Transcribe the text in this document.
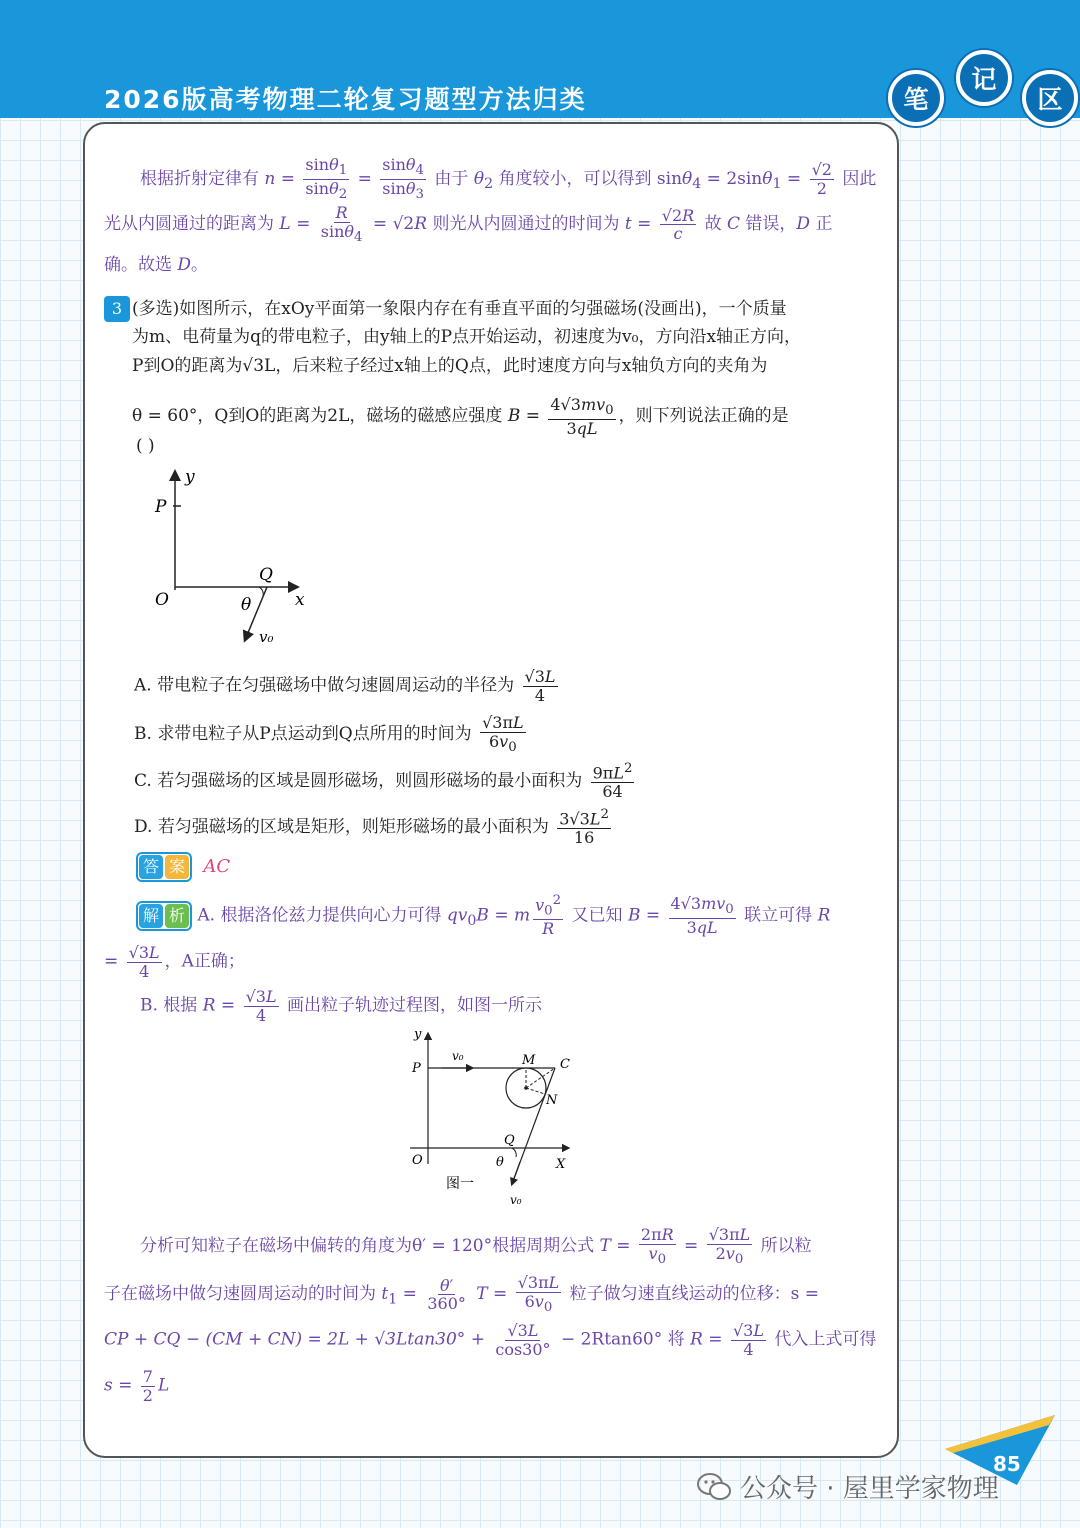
2026版高考物理二轮复习题型方法归类	笔
记
区
根据折射定律有 $n = \frac{\sin\theta_1}{\sin\theta_2} = \frac{\sin\theta_4}{\sin\theta_3}$ 由于 $\theta_2$ 角度较小，可以得到 $\sin\theta_4 = 2\sin\theta_1 = \frac{√2}{2}$ 因此
光从内圆通过的距离为 $L = \frac{R}{\sin\theta_4} = √2R$ 则光从内圆通过的时间为 $t = \frac{√2R}{c}$ 故 C 错误，D 正
确。故选 D。
3 (多选)如图所示，在xOy平面第一象限内存在有垂直平面的匀强磁场(没画出)，一个质量
为m、电荷量为q的带电粒子，由y轴上的P点开始运动，初速度为v₀，方向沿x轴正方向，
P到O的距离为√3L，后来粒子经过x轴上的Q点，此时速度方向与x轴负方向的夹角为
θ = 60°，Q到O的距离为2L，磁场的磁感应强度 $B = \frac{4√3mv_0}{3qL}$ ，则下列说法正确的是
( )
y
P
Q
O	θ	x
v₀
A. 带电粒子在匀强磁场中做匀速圆周运动的半径为 $\frac{√3L}{4}$
B. 求带电粒子从P点运动到Q点所用的时间为 $\frac{√3\pi L}{6v_0}$
C. 若匀强磁场的区域是圆形磁场，则圆形磁场的最小面积为 $\frac{9\pi L^2}{64}$
D. 若匀强磁场的区域是矩形，则矩形磁场的最小面积为 $\frac{3√3L^2}{16}$
答 案 AC
解 析 A. 根据洛伦兹力提供向心力可得 $qv_0B = m \frac{v_0^2}{R}$ 又已知 $B = \frac{4√3mv_0}{3qL}$ 联立可得 R
= $\frac{√3L}{4}$ ，A正确；
B. 根据 $R = \frac{√3L}{4}$ 画出粒子轨迹过程图，如图一所示
y
P
v₀	M C
N
Q
O	θ	X
v₀
图一
分析可知粒子在磁场中偏转的角度为θ′ = 120°根据周期公式 $T = \frac{2\pi R}{v_0} = \frac{√3\pi L}{2v_0}$ 所以粒
子在磁场中做匀速圆周运动的时间为 $t_1 = \frac{\theta'}{360^\circ}$ $T = \frac{√3\pi L}{6v_0}$ 粒子做匀速直线运动的位移：s =
CP + CQ − $(CM + CN) = 2L + √3Ltan30^\circ + \frac{√3L}{\cos 30^\circ} - 2Rtan60^\circ$ 将 $R = \frac{√3L}{4}$ 代入上式可得
$s = \frac{7}{2}$ L
85
公众号 · 屋里学家物理
